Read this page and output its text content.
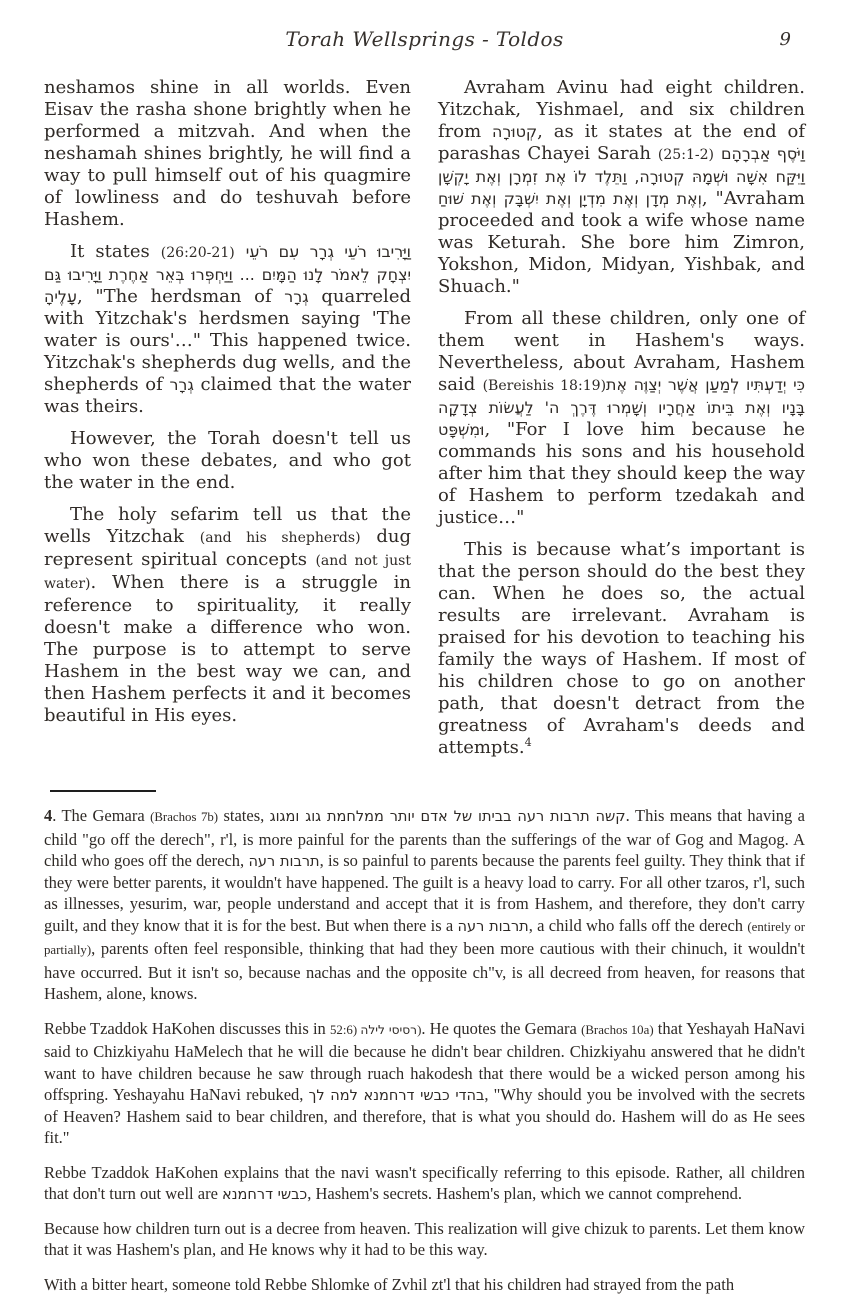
Torah Wellsprings - Toldos	9

neshamos shine in all worlds. Even Eisav the rasha shone brightly when he performed a mitzvah. And when the neshamah shines brightly, he will find a way to pull himself out of his quagmire of lowliness and do teshuvah before Hashem.

It states (26:20-21) וַיָּרִיבוּ רֹעֵי גְרָר עִם רֹעֵי יִצְחָק לֵאמֹר לָנוּ הַמָּיִם ... וַיַּחְפְּרוּ בְּאֵר אַחֶרֶת וַיָּרִיבוּ גַּם עָלֶיהָ, "The herdsman of גְרָר quarreled with Yitzchak's herdsmen saying 'The water is ours'…" This happened twice. Yitzchak's shepherds dug wells, and the shepherds of גְרָר claimed that the water was theirs.

However, the Torah doesn't tell us who won these debates, and who got the water in the end.

The holy sefarim tell us that the wells Yitzchak (and his shepherds) dug represent spiritual concepts (and not just water). When there is a struggle in reference to spirituality, it really doesn't make a difference who won. The purpose is to attempt to serve Hashem in the best way we can, and then Hashem perfects it and it becomes beautiful in His eyes.

Avraham Avinu had eight children. Yitzchak, Yishmael, and six children from קְטוּרָה, as it states at the end of parashas Chayei Sarah (25:1-2) וַיֹּסֶף אַבְרָהָם וַיִּקַּח אִשָּׁה וּשְׁמָהּ קְטוּרָה, וַתֵּלֶד לוֹ אֶת זִמְרָן וְאֶת יָקְשָׁן וְאֶת מְדָן וְאֶת מִדְיָן וְאֶת יִשְׁבָּק וְאֶת שׁוּחַ, "Avraham proceeded and took a wife whose name was Keturah. She bore him Zimron, Yokshon, Midon, Midyan, Yishbak, and Shuach."

From all these children, only one of them went in Hashem's ways. Nevertheless, about Avraham, Hashem said (Bereishis 18:19)כִּי יְדַעְתִּיו לְמַעַן אֲשֶׁר יְצַוֶּה אֶת בָּנָיו וְאֶת בֵּיתוֹ אַחֲרָיו וְשָׁמְרוּ דֶּרֶךְ ה' לַעֲשׂוֹת צְדָקָה וּמִשְׁפָּט, "For I love him because he commands his sons and his household after him that they should keep the way of Hashem to perform tzedakah and justice…"

This is because what’s important is that the person should do the best they can. When he does so, the actual results are irrelevant. Avraham is praised for his devotion to teaching his family the ways of Hashem. If most of his children chose to go on another path, that doesn't detract from the greatness of Avraham's deeds and attempts.$^4$

4. The Gemara (Brachos 7b) states, קשה תרבות רעה בביתו של אדם יותר ממלחמת גוג ומגוג. This means that having a child "go off the derech", r'l, is more painful for the parents than the sufferings of the war of Gog and Magog. A child who goes off the derech, תרבות רעה, is so painful to parents because the parents feel guilty. They think that if they were better parents, it wouldn't have happened. The guilt is a heavy load to carry. For all other tzaros, r'l, such as illnesses, yesurim, war, people understand and accept that it is from Hashem, and therefore, they don't carry guilt, and they know that it is for the best. But when there is a תרבות רעה, a child who falls off the derech (entirely or partially), parents often feel responsible, thinking that had they been more cautious with their chinuch, it wouldn't have occurred. But it isn't so, because nachas and the opposite ch"v, is all decreed from heaven, for reasons that Hashem, alone, knows.

Rebbe Tzaddok HaKohen discusses this in 52:6) רסיסי לילה). He quotes the Gemara (Brachos 10a) that Yeshayah HaNavi said to Chizkiyahu HaMelech that he will die because he didn't bear children. Chizkiyahu answered that he didn't want to have children because he saw through ruach hakodesh that there would be a wicked person among his offspring. Yeshayahu HaNavi rebuked, בהדי כבשי דרחמנא למה לך, "Why should you be involved with the secrets of Heaven? Hashem said to bear children, and therefore, that is what you should do. Hashem will do as He sees fit."

Rebbe Tzaddok HaKohen explains that the navi wasn't specifically referring to this episode. Rather, all children that don't turn out well are כבשי דרחמנא, Hashem's secrets. Hashem's plan, which we cannot comprehend.

Because how children turn out is a decree from heaven. This realization will give chizuk to parents. Let them know that it was Hashem's plan, and He knows why it had to be this way.

With a bitter heart, someone told Rebbe Shlomke of Zvhil zt'l that his children had strayed from the path
